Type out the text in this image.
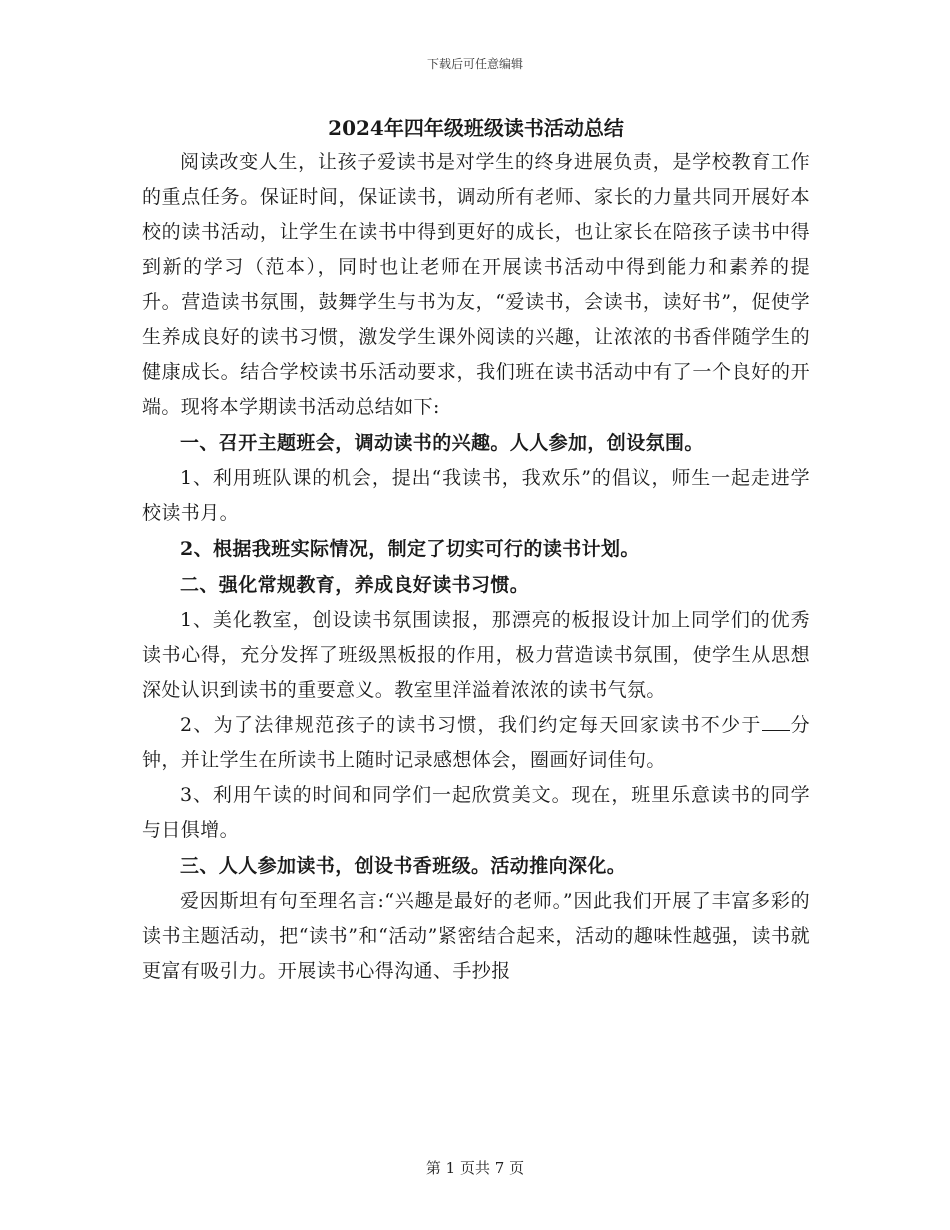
下载后可任意编辑
2024年四年级班级读书活动总结

阅读改变人生，让孩子爱读书是对学生的终身进展负责，是学校教育工作的重点任务。保证时间，保证读书，调动所有老师、家长的力量共同开展好本校的读书活动，让学生在读书中得到更好的成长，也让家长在陪孩子读书中得到新的学习（范本），同时也让老师在开展读书活动中得到能力和素养的提升。营造读书氛围，鼓舞学生与书为友，“爱读书，会读书，读好书”，促使学生养成良好的读书习惯，激发学生课外阅读的兴趣，让浓浓的书香伴随学生的健康成长。结合学校读书乐活动要求，我们班在读书活动中有了一个良好的开端。现将本学期读书活动总结如下:

一、召开主题班会，调动读书的兴趣。人人参加，创设氛围。

1、利用班队课的机会，提出“我读书，我欢乐”的倡议，师生一起走进学校读书月。

2、根据我班实际情况，制定了切实可行的读书计划。

二、强化常规教育，养成良好读书习惯。

1、美化教室，创设读书氛围读报，那漂亮的板报设计加上同学们的优秀读书心得，充分发挥了班级黑板报的作用，极力营造读书氛围，使学生从思想深处认识到读书的重要意义。教室里洋溢着浓浓的读书气氛。

2、为了法律规范孩子的读书习惯，我们约定每天回家读书不少于 分钟，并让学生在所读书上随时记录感想体会，圈画好词佳句。

3、利用午读的时间和同学们一起欣赏美文。现在，班里乐意读书的同学与日俱增。

三、人人参加读书，创设书香班级。活动推向深化。

爱因斯坦有句至理名言:“兴趣是最好的老师。”因此我们开展了丰富多彩的读书主题活动，把“读书”和“活动”紧密结合起来，活动的趣味性越强，读书就更富有吸引力。开展读书心得沟通、手抄报

第 1 页共 7 页
